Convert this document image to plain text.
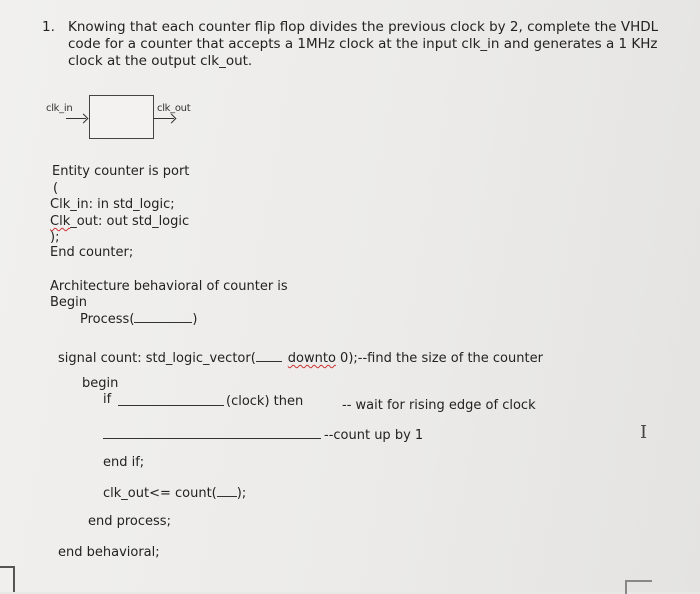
1. Knowing that each counter flip flop divides the previous clock by 2, complete the VHDL
code for a counter that accepts a 1MHz clock at the input clk_in and generates a 1 KHz
clock at the output clk_out.
clk_in	clk_out
Entity counter is port
(
Clk_in: in std_logic;
Clk_out: out std_logic
);
End counter;
Architecture behavioral of counter is
Begin
Process(	)
signal count: std_logic_vector( downto 0);--find the size of the counter
begin
if	(clock) then	-- wait for rising edge of clock
--count up by 1
end if;
clk_out<= count( );
end process;
end behavioral;
I
